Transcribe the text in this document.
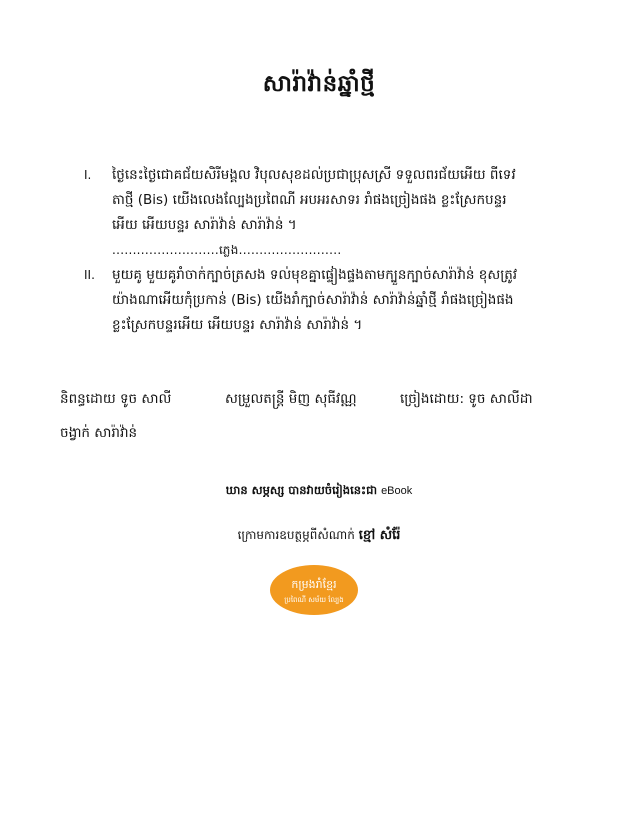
សារ៉ាវ៉ាន់ឆ្នាំថ្មី
I.	ថ្ងៃនេះថ្ងៃជោគជ័យសិរីមង្គល វិបុលសុខដល់ប្រជាប្រុសស្រី ទទួលពរជ័យអើយ ពីទេវ
តាថ្មី (Bis) យើងលេងល្បែងប្រពៃណី អបអរសាទរ រាំផងច្រៀងផង ខ្លះស្រែកបន្ទរ
អើយ អើយបន្ទរ សារ៉ាវ៉ាន់ សារ៉ាវ៉ាន់ ។
..........................ភ្លេង.........................
II.	មួយគូ មួយគូរាំចាក់ក្បាច់ត្រសង ទល់មុខគ្នាផ្ទៀងផ្ទងតាមក្បួនក្បាច់សារ៉ាវ៉ាន់ ខុសត្រូវ
យ៉ាងណាអើយកុំប្រកាន់ (Bis) យើងរាំក្បាច់សារ៉ាវ៉ាន់ សារ៉ាវ៉ាន់ឆ្នាំថ្មី រាំផងច្រៀងផង
ខ្លះស្រែកបន្ទរអើយ អើយបន្ទរ សារ៉ាវ៉ាន់ សារ៉ាវ៉ាន់ ។
និពន្ធដោយ ទូច សាលី	សម្រួលតន្ត្រី មិញ សុធីវណ្ណ	ច្រៀងដោយ: ទូច សាលីដា
ចង្វាក់ សារ៉ាវ៉ាន់
ឃាន សម្ភស្ស បានវាយចំរៀងនេះជា eBook
ក្រោមការឧបត្ថម្ភពីសំណាក់ ខ្មៅ សំរ៉ែ
កម្រងរាំខ្មែរ
ប្រពៃណី សម័យ ល្បែង
